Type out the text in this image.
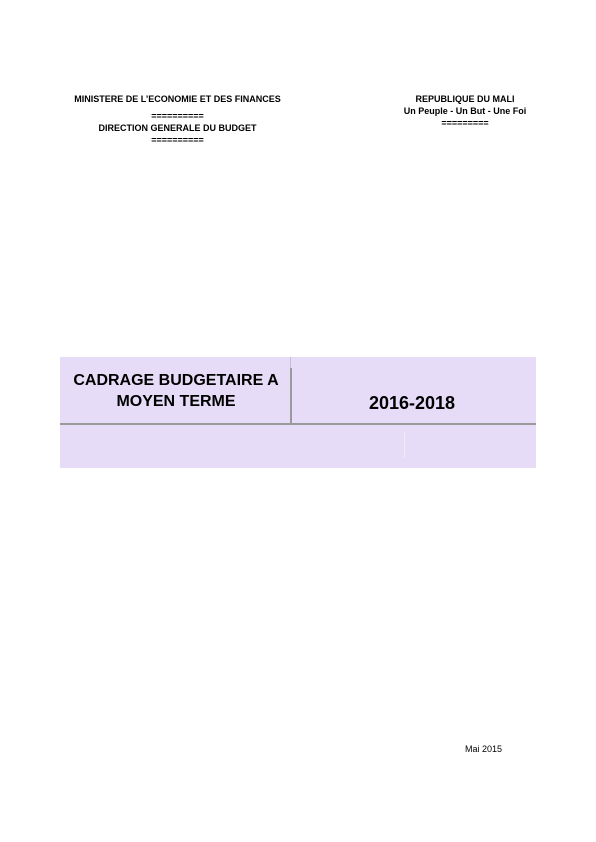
MINISTERE DE L’ECONOMIE ET DES FINANCES
==========
DIRECTION GENERALE DU BUDGET
==========
REPUBLIQUE DU MALI
Un Peuple - Un But - Une Foi
=========
CADRAGE BUDGETAIRE A
MOYEN TERME	2016-2018
Mai 2015
